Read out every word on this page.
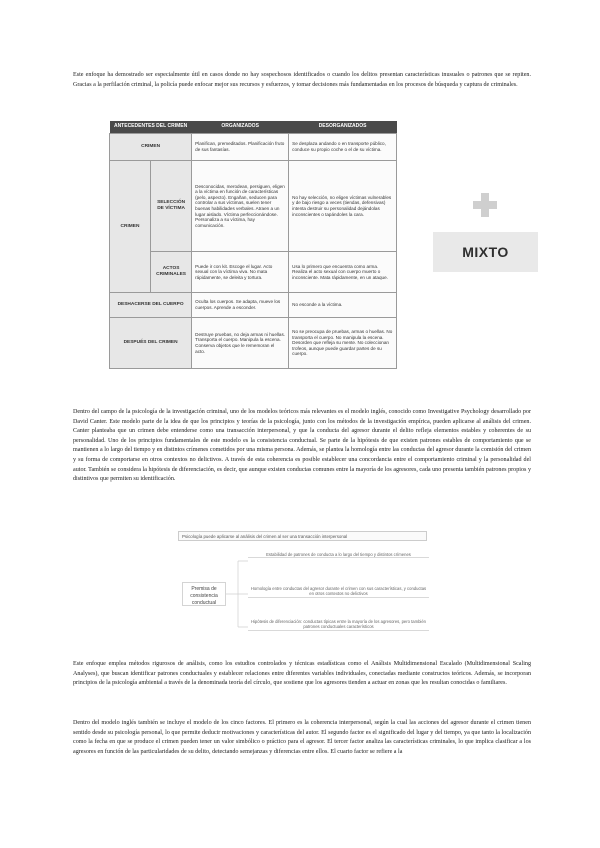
Este enfoque ha demostrado ser especialmente útil en casos donde no hay sospechosos identificados o cuando los delitos presentan características inusuales o patrones que se repiten. Gracias a la perfilación criminal, la policía puede enfocar mejor sus recursos y esfuerzos, y tomar decisiones más fundamentadas en los procesos de búsqueda y captura de criminales.

ANTECEDENTES DEL CRIMEN		ORGANIZADOS	DESORGANIZADOS
CRIMEN		Planifican, premeditados. Planificación fruto de sus fantasías.	Se desplaza andando o en transporte público, conduce su propio coche o el de su víctima.
CRIMEN	SELECCIÓN DE VÍCTIMA	Desconocidas, merodean, persiguen, eligen a la víctima en función de características (pelo, aspecto). Engañan, seducen para controlar a sus víctimas, suelen tener buenas habilidades verbales. Atraen a un lugar aislado. Víctima perfeccionándose. Personaliza a su víctima, hay comunicación.	No hay selección, no eligen víctimas vulnerables y de bajo riesgo a veces (tiendas, defensivas) intenta destruir su personalidad dejándolas inconscientes o tapándoles la cara.
	ACTOS CRIMINALES	Puede ir con kit. Escoge el lugar. Acto sexual con la víctima viva. No mata rápidamente, se deleita y tortura.	Usa lo primero que encuentra como arma. Realiza el acto sexual con cuerpo muerto o inconsciente. Mata rápidamente, en un ataque.
DESHACERSE DEL CUERPO		Oculta los cuerpos. Se adapta, mueve los cuerpos. Aprende a esconder.	No esconde a la víctima.
DESPUÉS DEL CRIMEN		Destruye pruebas, no deja armas ni huellas. Transporta el cuerpo. Manipula la escena. Conserva objetos que le rememoran el acto.	No se preocupa de pruebas, armas o huellas. No transporta el cuerpo. No manipula la escena. Desorden que refleja su mente. No coleccionan trofeos, aunque puede guardar partes de su cuerpo.
MIXTO

Dentro del campo de la psicología de la investigación criminal, uno de los modelos teóricos más relevantes es el modelo inglés, conocido como Investigative Psychology desarrollado por David Canter. Este modelo parte de la idea de que los principios y teorías de la psicología, junto con los métodos de la investigación empírica, pueden aplicarse al análisis del crimen. Canter planteaba que un crimen debe entenderse como una transacción interpersonal, y que la conducta del agresor durante el delito refleja elementos estables y coherentes de su personalidad. Uno de los principios fundamentales de este modelo es la consistencia conductual. Se parte de la hipótesis de que existen patrones estables de comportamiento que se mantienen a lo largo del tiempo y en distintos crímenes cometidos por una misma persona. Además, se plantea la homología entre las conductas del agresor durante la comisión del crimen y su forma de comportarse en otros contextos no delictivos. A través de esta coherencia es posible establecer una concordancia entre el comportamiento criminal y la personalidad del autor. También se considera la hipótesis de diferenciación, es decir, que aunque existen conductas comunes entre la mayoría de los agresores, cada uno presenta también patrones propios y distintivos que permiten su identificación.

Psicología puede aplicarse al análisis del crimen al ser una transacción interpersonal
Premisa de consistencia conductual
Estabilidad de patrones de conducta a lo largo del tiempo y distintos crímenes
Homología entre conductas del agresor durante el crimen con sus características, y conductas en otros contextos no delictivos
Hipótesis de diferenciación: conductas típicas entre la mayoría de los agresores, pero también patrones conductuales característicos

Este enfoque emplea métodos rigurosos de análisis, como los estudios controlados y técnicas estadísticas como el Análisis Multidimensional Escalado (Multidimensional Scaling Analyses), que buscan identificar patrones conductuales y establecer relaciones entre diferentes variables individuales, conectadas mediante constructos teóricos. Además, se incorporan principios de la psicología ambiental a través de la denominada teoría del círculo, que sostiene que los agresores tienden a actuar en zonas que les resultan conocidas o familiares.

Dentro del modelo inglés también se incluye el modelo de los cinco factores. El primero es la coherencia interpersonal, según la cual las acciones del agresor durante el crimen tienen sentido desde su psicología personal, lo que permite deducir motivaciones y características del autor. El segundo factor es el significado del lugar y del tiempo, ya que tanto la localización como la fecha en que se produce el crimen pueden tener un valor simbólico o práctico para el agresor. El tercer factor analiza las características criminales, lo que implica clasificar a los agresores en función de las particularidades de su delito, detectando semejanzas y diferencias entre ellos. El cuarto factor se refiere a la
